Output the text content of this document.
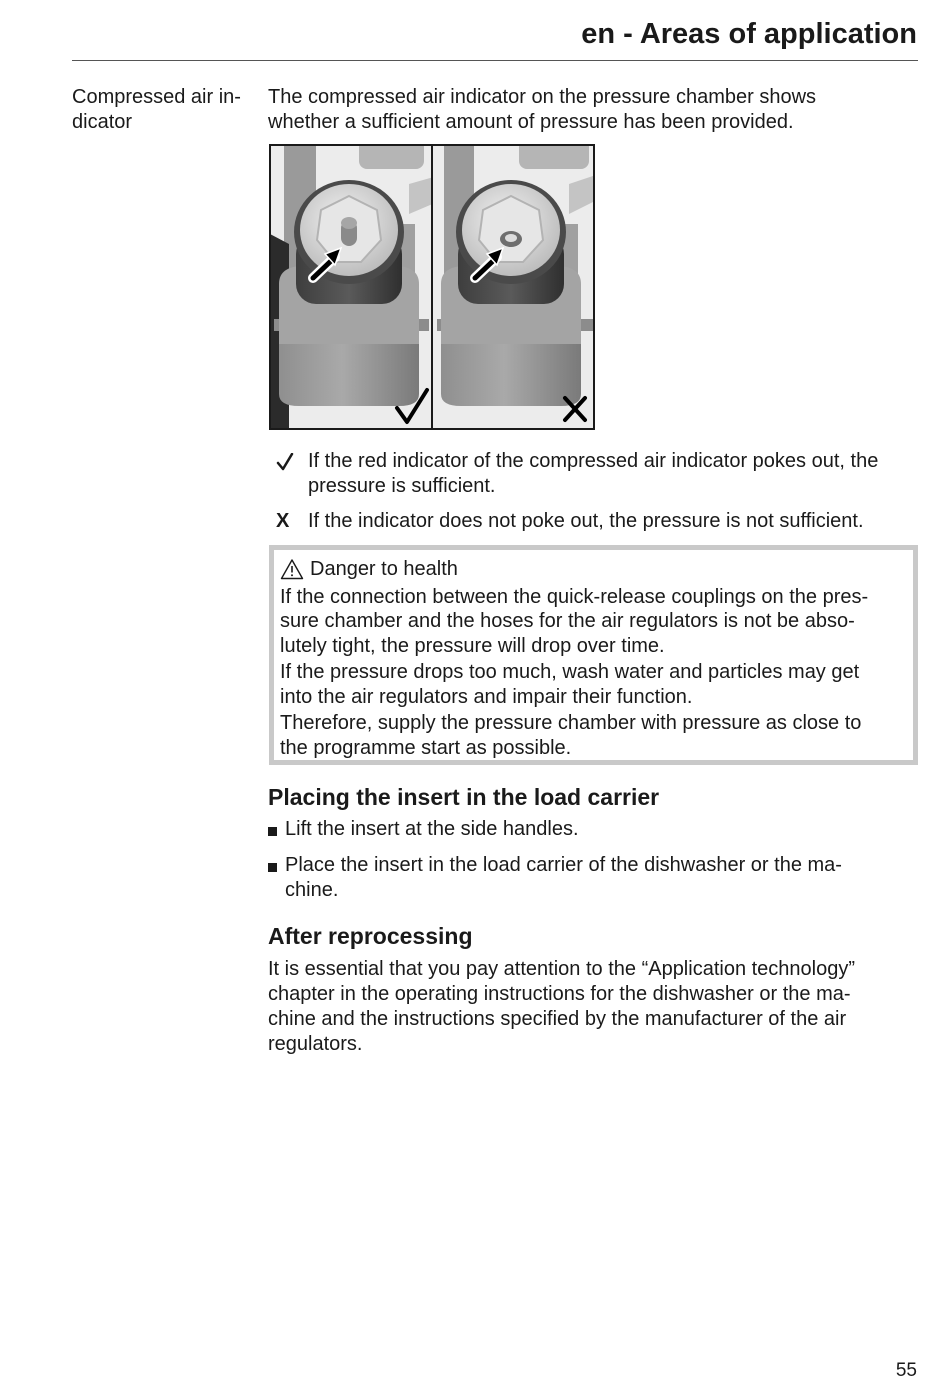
en - Areas of application
Compressed air in-
dicator
The compressed air indicator on the pressure chamber shows
whether a sufficient amount of pressure has been provided.
If the red indicator of the compressed air indicator pokes out, the
pressure is sufficient.
X If the indicator does not poke out, the pressure is not sufficient.
Danger to health

If the connection between the quick-release couplings on the pres-
sure chamber and the hoses for the air regulators is not be abso-
lutely tight, the pressure will drop over time.

If the pressure drops too much, wash water and particles may get
into the air regulators and impair their function.

Therefore, supply the pressure chamber with pressure as close to
the programme start as possible.

Placing the insert in the load carrier
Lift the insert at the side handles.
Place the insert in the load carrier of the dishwasher or the ma-
chine.
After reprocessing
It is essential that you pay attention to the “Application technology”
chapter in the operating instructions for the dishwasher or the ma-
chine and the instructions specified by the manufacturer of the air
regulators.
55
